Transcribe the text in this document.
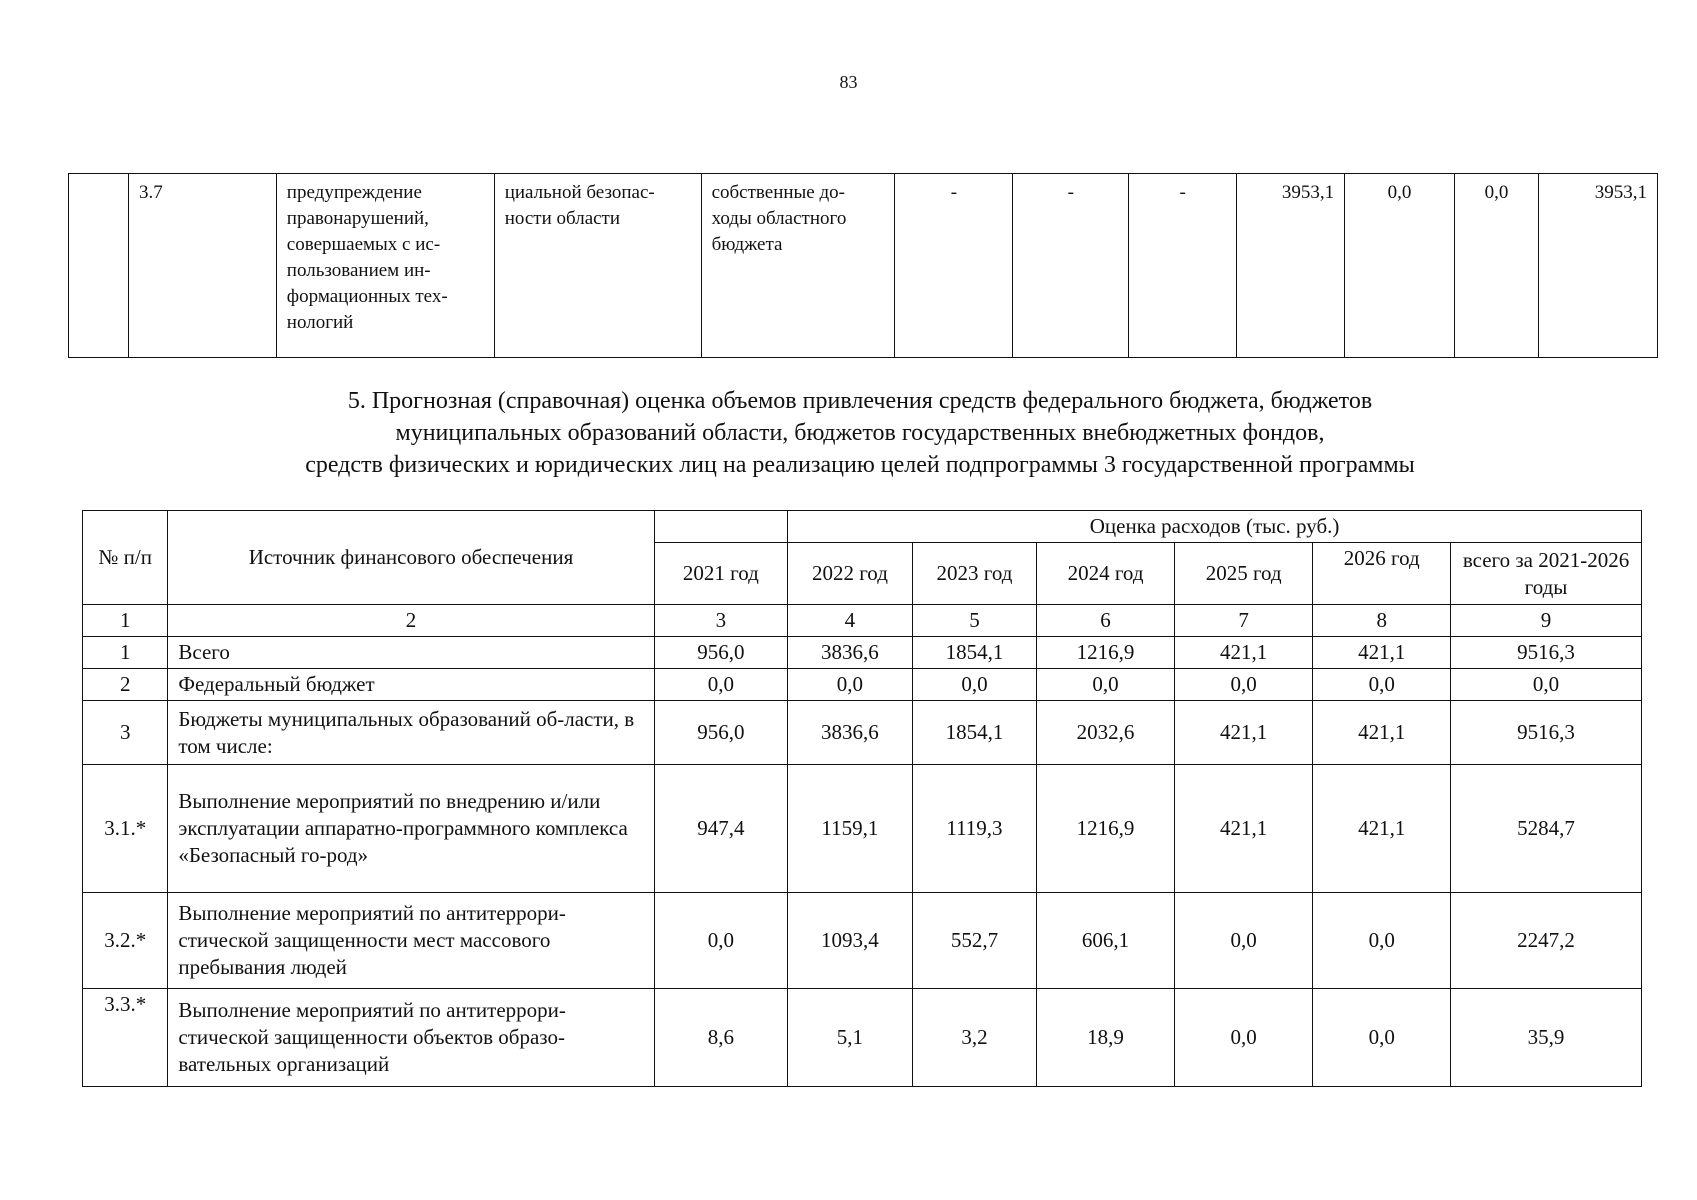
83
	3.7	предупреждение правонарушений, совершаемых с ис-пользованием ин-формационных тех-нологий	циальной безопас-ности области	собственные до-ходы областного бюджета	-	-	-	3953,1	0,0	0,0	3953,1
5. Прогнозная (справочная) оценка объемов привлечения средств федерального бюджета, бюджетов
муниципальных образований области, бюджетов государственных внебюджетных фондов,
средств физических и юридических лиц на реализацию целей подпрограммы 3 государственной программы
№ п/п	Источник финансового обеспечения		Оценка расходов (тыс. руб.)					
		2021 год	2022 год	2023 год	2024 год	2025 год	2026 год	всего за 2021-2026 годы
1	2	3	4	5	6	7	8	9
1	Всего	956,0	3836,6	1854,1	1216,9	421,1	421,1	9516,3
2	Федеральный бюджет	0,0	0,0	0,0	0,0	0,0	0,0	0,0
3	Бюджеты муниципальных образований об-ласти, в том числе:	956,0	3836,6	1854,1	2032,6	421,1	421,1	9516,3
3.1.*	Выполнение мероприятий по внедрению и/или эксплуатации аппаратно-программного комплекса «Безопасный го-род»	947,4	1159,1	1119,3	1216,9	421,1	421,1	5284,7
3.2.*	Выполнение мероприятий по антитеррори-стической защищенности мест массового пребывания людей	0,0	1093,4	552,7	606,1	0,0	0,0	2247,2
3.3.*	Выполнение мероприятий по антитеррори-стической защищенности объектов образо-вательных организаций	8,6	5,1	3,2	18,9	0,0	0,0	35,9
